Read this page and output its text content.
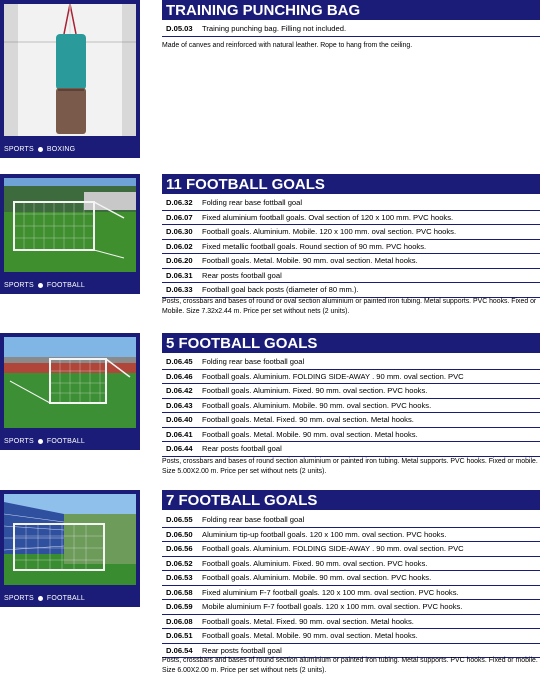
SPORTS BOXING
TRAINING PUNCHING BAG
D.05.03 Training punching bag. Filling not included.
Made of canves and reinforced with natural leather. Rope to hang from the ceiling.
SPORTS FOOTBALL
11 FOOTBALL GOALS
D.06.32 Folding rear base fottball goal
D.06.07 Fixed aluminium football goals. Oval section of 120 x 100 mm. PVC hooks.
D.06.30 Football goals. Aluminium. Mobile. 120 x 100 mm. oval section. PVC hooks.
D.06.02 Fixed metallic football goals. Round section of 90 mm. PVC hooks.
D.06.20 Football goals. Metal. Mobile. 90 mm. oval section. Metal hooks.
D.06.31 Rear posts football goal
D.06.33 Football goal back posts (diameter of 80 mm.).
Posts, crossbars and bases of round or oval section aluminium or painted iron tubing. Metal supports. PVC hooks. Fixed or Mobile. Size 7.32x2.44 m. Price per set without nets (2 units).
SPORTS FOOTBALL
5 FOOTBALL GOALS
D.06.45 Folding rear base football goal
D.06.46 Football goals. Aluminium. FOLDING SIDE-AWAY . 90 mm. oval section. PVC
D.06.42 Football goals. Aluminium. Fixed. 90 mm. oval section. PVC hooks.
D.06.43 Football goals. Aluminium. Mobile. 90 mm. oval section. PVC hooks.
D.06.40 Football goals. Metal. Fixed. 90 mm. oval section. Metal hooks.
D.06.41 Football goals. Metal. Mobile. 90 mm. oval section. Metal hooks.
D.06.44 Rear posts football goal
Posts, crossbars and bases of round section aluminium or painted iron tubing. Metal supports. PVC hooks. Fixed or mobile. Size 5.00X2.00 m. Price per set without nets (2 units).
SPORTS FOOTBALL
7 FOOTBALL GOALS
D.06.55 Folding rear base football goal
D.06.50 Aluminium tip-up football goals. 120 x 100 mm. oval section. PVC hooks.
D.06.56 Football goals. Aluminium. FOLDING SIDE-AWAY . 90 mm. oval section. PVC
D.06.52 Football goals. Aluminium. Fixed. 90 mm. oval section. PVC hooks.
D.06.53 Football goals. Aluminium. Mobile. 90 mm. oval section. PVC hooks.
D.06.58 Fixed aluminium F-7 football goals. 120 x 100 mm. oval section. PVC hooks.
D.06.59 Mobile aluminium F-7 football goals. 120 x 100 mm. oval section. PVC hooks.
D.06.08 Football goals. Metal. Fixed. 90 mm. oval section. Metal hooks.
D.06.51 Football goals. Metal. Mobile. 90 mm. oval section. Metal hooks.
D.06.54 Rear posts football goal
Posts, crossbars and bases of round section aluminium or painted iron tubing. Metal supports. PVC hooks. Fixed or mobile. Size 6.00X2.00 m. Price per set without nets (2 units).
